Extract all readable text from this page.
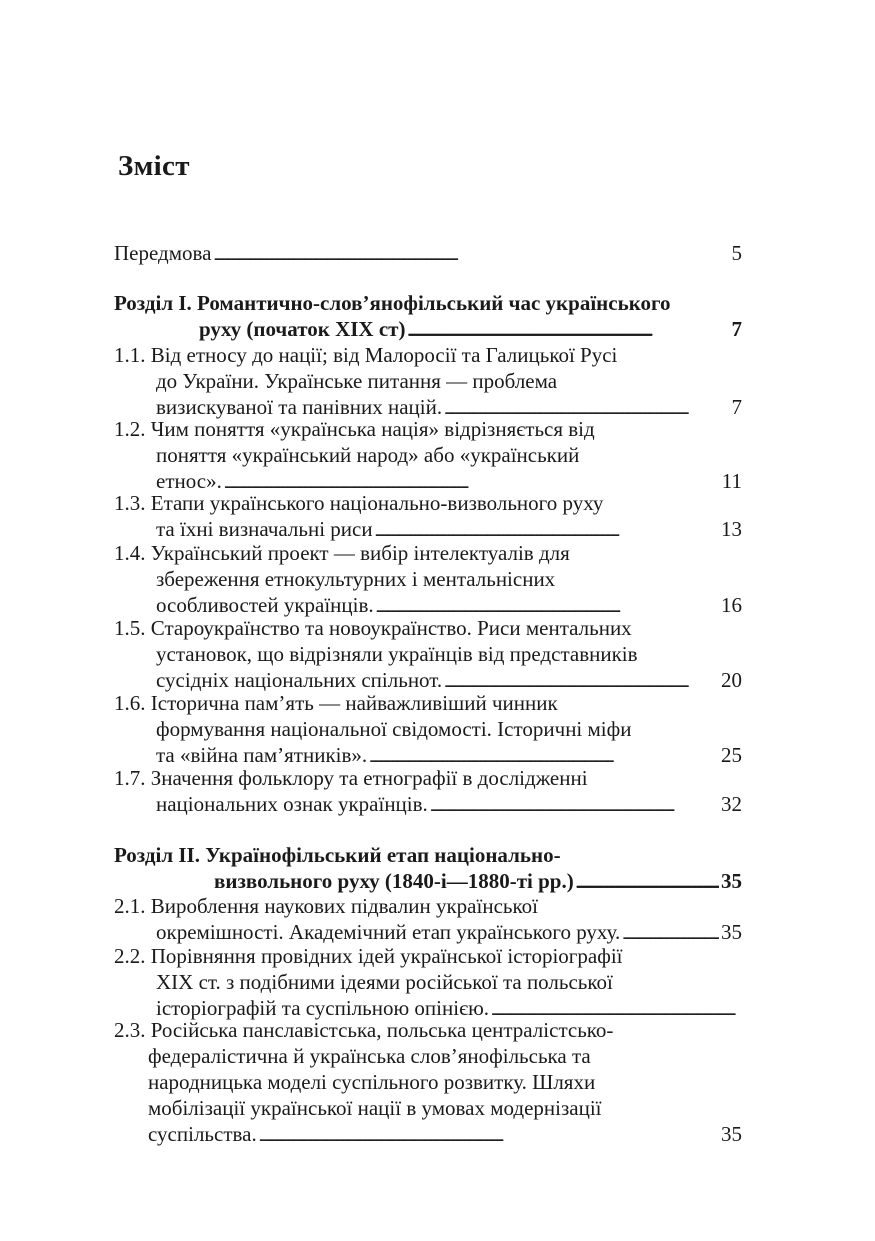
Зміст
Передмова . . .	5
Розділ I. Романтично-слов’янофільський час українського
руху (початок XIX ст) . . .	7
1.1. Від етносу до нації; від Малоросії та Галицької Русі
до України. Українське питання — проблема
визискуваної та панівних націй. . . .	7
1.2. Чим поняття «українська нація» відрізняється від
поняття «український народ» або «український
етнос». . . .	11
1.3. Етапи українського національно-визвольного руху
та їхні визначальні риси . . .	13
1.4. Український проект — вибір інтелектуалів для
збереження етнокультурних і ментальнісних
особливостей українців. . . .	16
1.5. Староукраїнство та новоукраїнство. Риси ментальних
установок, що відрізняли українців від представників
сусідніх національних спільнот. . . .	20
1.6. Історична пам’ять — найважливіший чинник
формування національної свідомості. Історичні міфи
та «війна пам’ятників». . . .	25
1.7. Значення фольклору та етнографії в дослідженні
національних ознак українців. . . .	32
Розділ II. Українофільський етап національно-
визвольного руху (1840-і—1880-ті рр.) . . .	35
2.1. Вироблення наукових підвалин української
окремішності. Академічний етап українського руху. . . .	35
2.2. Порівняння провідних ідей української історіографії
XIX ст. з подібними ідеями російської та польської
історіографій та суспільною опінією.
. . .
2.3. Російська панславістська, польська централістсько-
федералістична й українська слов’янофільська та
народницька моделі суспільного розвитку. Шляхи
мобілізації української нації в умовах модернізації
суспільства. . . .	35
